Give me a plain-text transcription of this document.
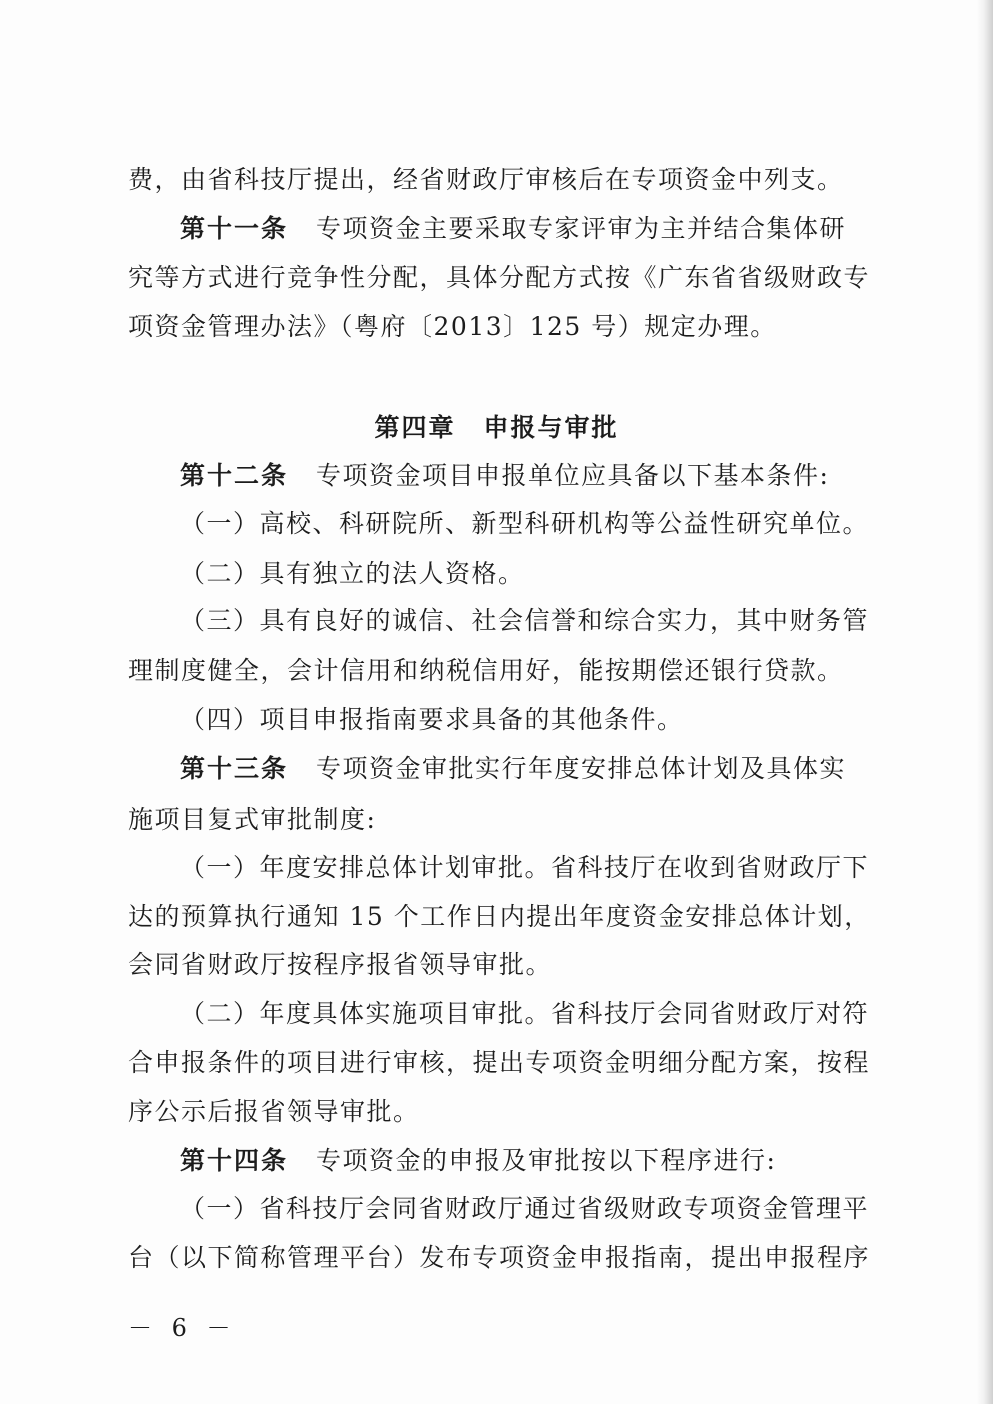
费，由省科技厅提出，经省财政厅审核后在专项资金中列支。
第十一条 专项资金主要采取专家评审为主并结合集体研
究等方式进行竞争性分配，具体分配方式按《广东省省级财政专
项资金管理办法》（粤府〔2013〕125 号）规定办理。
第四章 申报与审批
第十二条 专项资金项目申报单位应具备以下基本条件:
（一）高校、科研院所、新型科研机构等公益性研究单位。
（二）具有独立的法人资格。
（三）具有良好的诚信、社会信誉和综合实力，其中财务管
理制度健全，会计信用和纳税信用好，能按期偿还银行贷款。
（四）项目申报指南要求具备的其他条件。
第十三条 专项资金审批实行年度安排总体计划及具体实
施项目复式审批制度:
（一）年度安排总体计划审批。省科技厅在收到省财政厅下
达的预算执行通知 15 个工作日内提出年度资金安排总体计划，
会同省财政厅按程序报省领导审批。
（二）年度具体实施项目审批。省科技厅会同省财政厅对符
合申报条件的项目进行审核，提出专项资金明细分配方案，按程
序公示后报省领导审批。
第十四条 专项资金的申报及审批按以下程序进行:
（一）省科技厅会同省财政厅通过省级财政专项资金管理平
台（以下简称管理平台）发布专项资金申报指南，提出申报程序
－ 6 －
